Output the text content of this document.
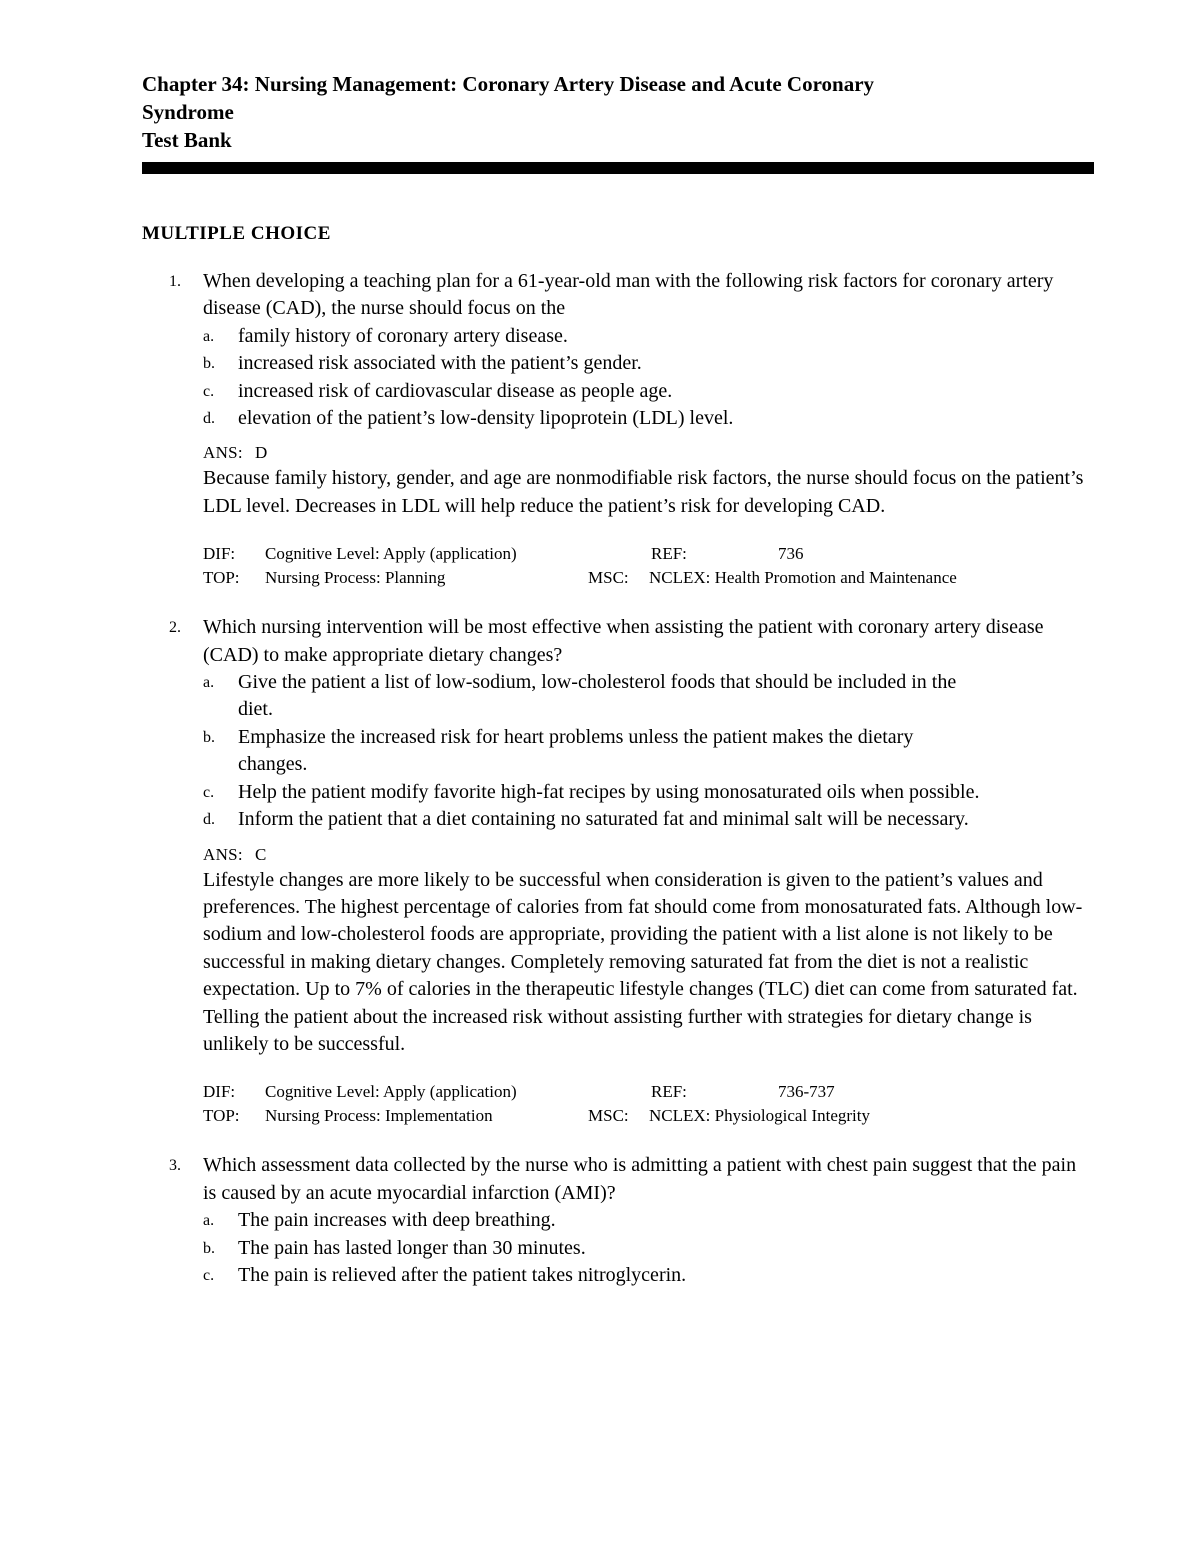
Chapter 34: Nursing Management: Coronary Artery Disease and Acute Coronary

Syndrome

Test Bank

MULTIPLE CHOICE
1. When developing a teaching plan for a 61-year-old man with the following risk factors for coronary artery disease (CAD), the nurse should focus on the

a. family history of coronary artery disease.
b. increased risk associated with the patient’s gender.
c. increased risk of cardiovascular disease as people age.
d. elevation of the patient’s low-density lipoprotein (LDL) level.
ANS: D

Because family history, gender, and age are nonmodifiable risk factors, the nurse should focus on the patient’s LDL level. Decreases in LDL will help reduce the patient’s risk for developing CAD.

DIF: Cognitive Level: Apply (application)	REF:	736
TOP: Nursing Process: Planning	MSC: NCLEX: Health Promotion and Maintenance
2. Which nursing intervention will be most effective when assisting the patient with coronary artery disease (CAD) to make appropriate dietary changes?

a. Give the patient a list of low-sodium, low-cholesterol foods that should be included in the diet.
b. Emphasize the increased risk for heart problems unless the patient makes the dietary changes.
c. Help the patient modify favorite high-fat recipes by using monosaturated oils when possible.
d. Inform the patient that a diet containing no saturated fat and minimal salt will be necessary.
ANS: C

Lifestyle changes are more likely to be successful when consideration is given to the patient’s values and preferences. The highest percentage of calories from fat should come from monosaturated fats. Although low-sodium and low-cholesterol foods are appropriate, providing the patient with a list alone is not likely to be successful in making dietary changes. Completely removing saturated fat from the diet is not a realistic expectation. Up to 7% of calories in the therapeutic lifestyle changes (TLC) diet can come from saturated fat. Telling the patient about the increased risk without assisting further with strategies for dietary change is unlikely to be successful.

DIF: Cognitive Level: Apply (application)	REF:	736-737
TOP: Nursing Process: Implementation	MSC: NCLEX: Physiological Integrity
3. Which assessment data collected by the nurse who is admitting a patient with chest pain suggest that the pain is caused by an acute myocardial infarction (AMI)?

a. The pain increases with deep breathing.
b. The pain has lasted longer than 30 minutes.
c. The pain is relieved after the patient takes nitroglycerin.
